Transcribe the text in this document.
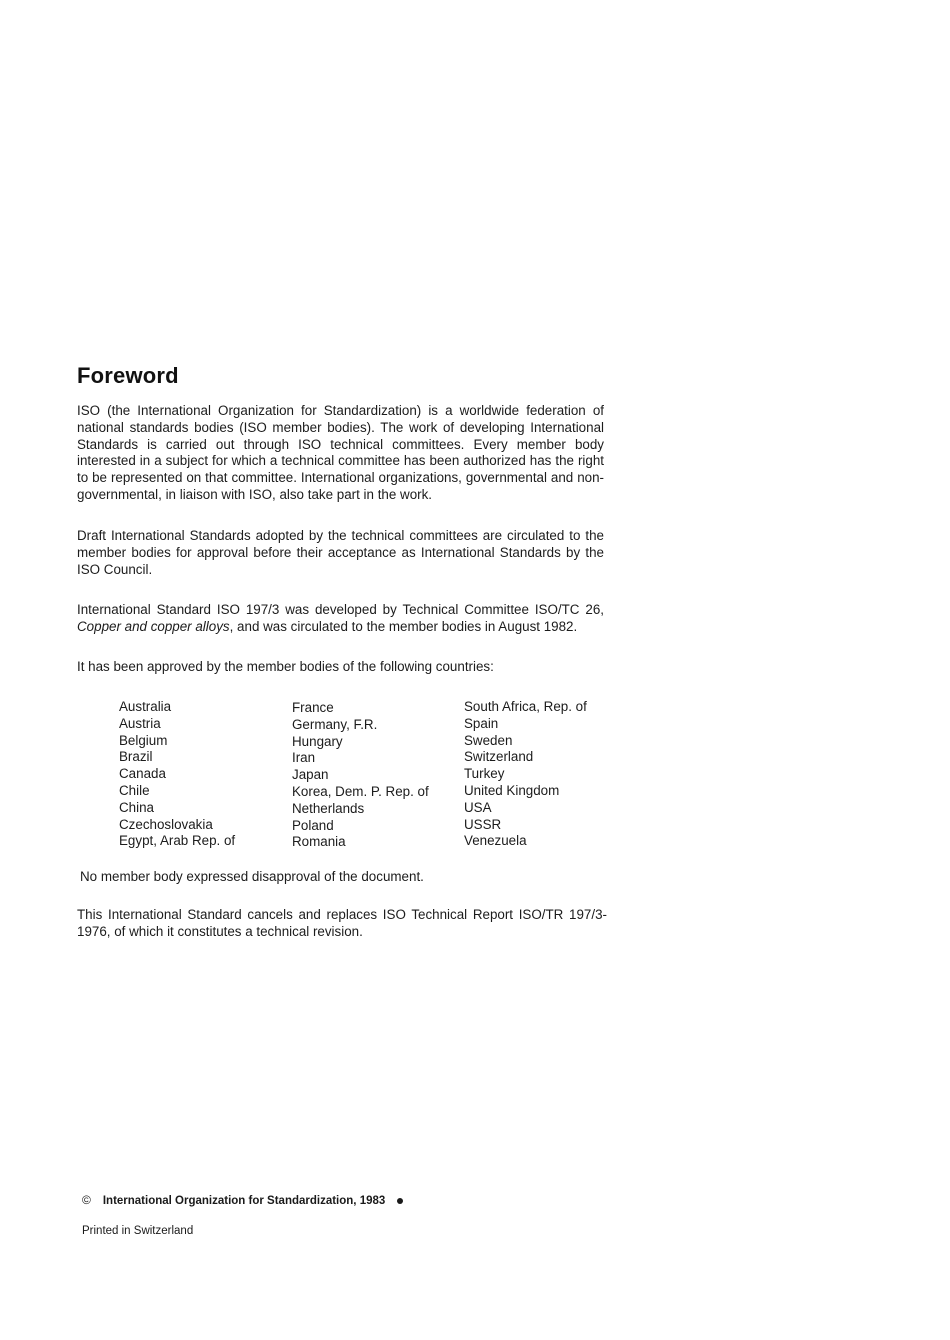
Foreword

ISO (the International Organization for Standardization) is a worldwide federation of national standards bodies (ISO member bodies). The work of developing International Standards is carried out through ISO technical committees. Every member body interested in a subject for which a technical committee has been authorized has the right to be represented on that committee. International organizations, governmental and non-governmental, in liaison with ISO, also take part in the work.

Draft International Standards adopted by the technical committees are circulated to the member bodies for approval before their acceptance as International Standards by the ISO Council.

International Standard ISO 197/3 was developed by Technical Committee ISO/TC 26, Copper and copper alloys, and was circulated to the member bodies in August 1982.

It has been approved by the member bodies of the following countries:

Australia
Austria
Belgium
Brazil
Canada
Chile
China
Czechoslovakia
Egypt, Arab Rep. of
France
Germany, F.R.
Hungary
Iran
Japan
Korea, Dem. P. Rep. of
Netherlands
Poland
Romania
South Africa, Rep. of
Spain
Sweden
Switzerland
Turkey
United Kingdom
USA
USSR
Venezuela

No member body expressed disapproval of the document.

This International Standard cancels and replaces ISO Technical Report ISO/TR 197/3-1976, of which it constitutes a technical revision.

© International Organization for Standardization, 1983
Printed in Switzerland
